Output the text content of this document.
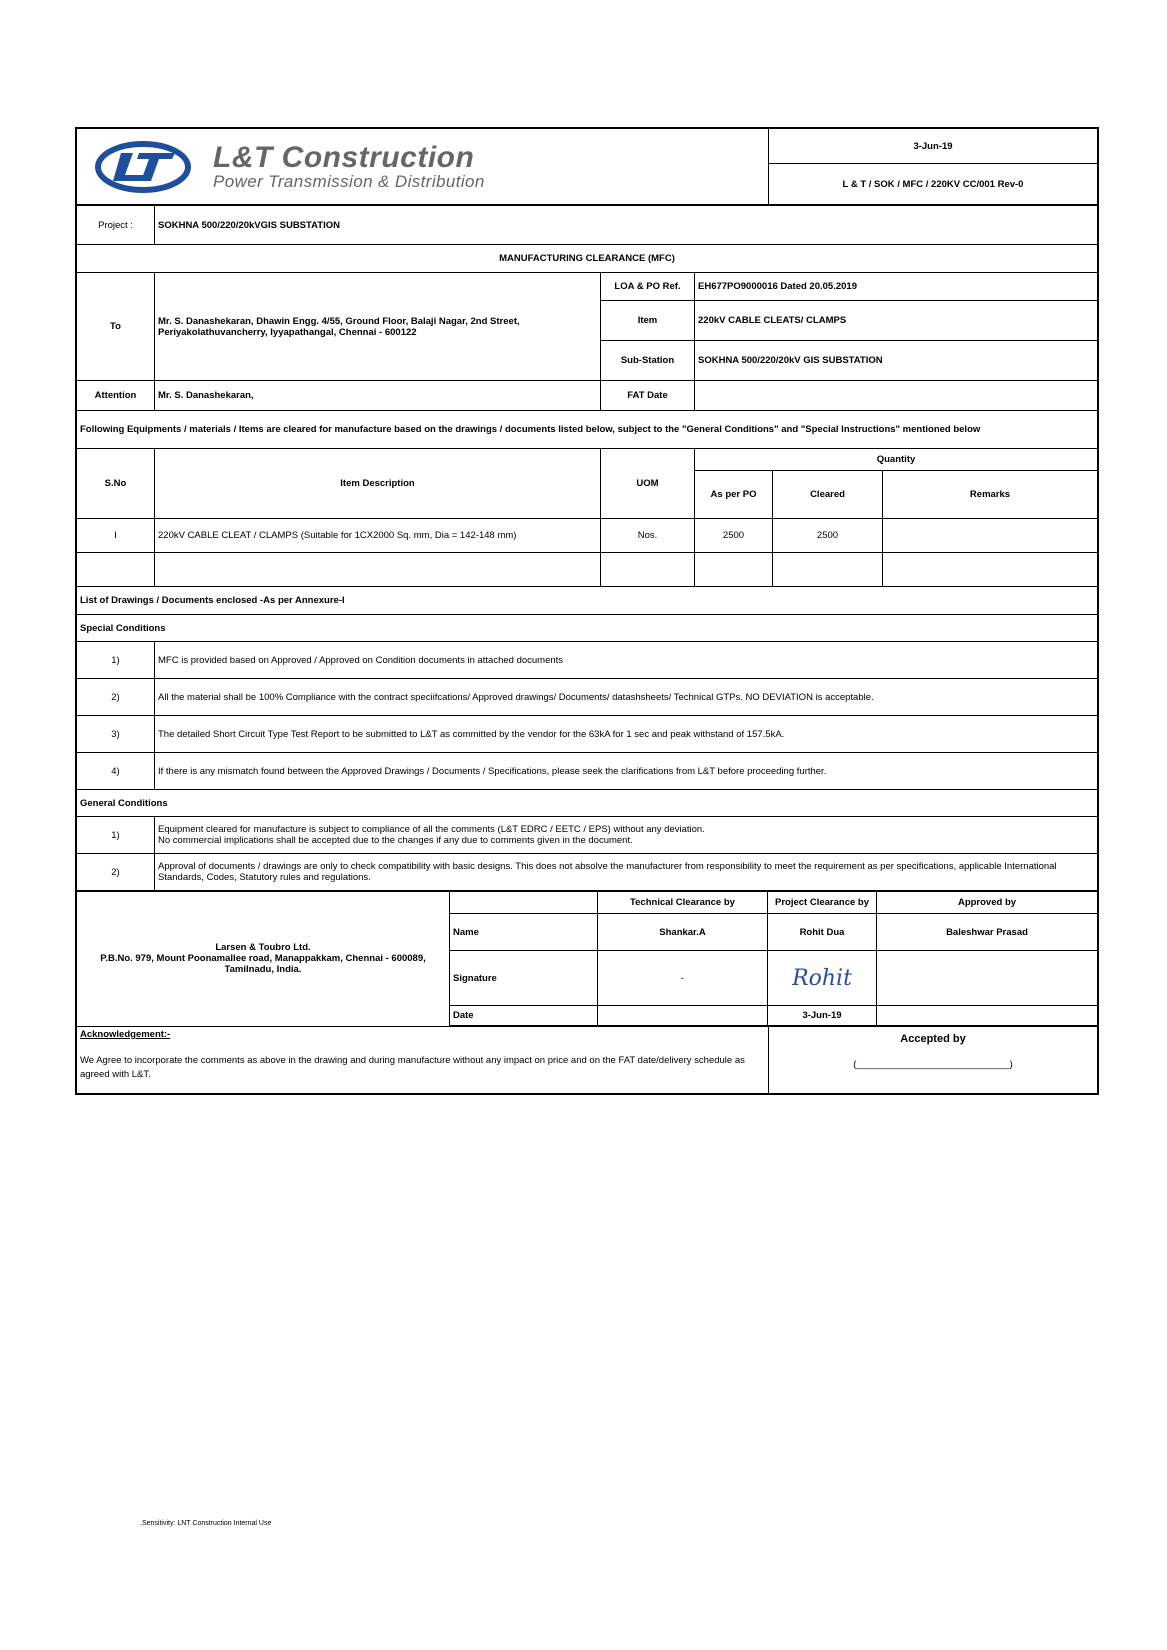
L&T Construction
Power Transmission & Distribution
	3-Jun-19
L & T / SOK / MFC / 220KV CC/001 Rev-0
Project :	SOKHNA 500/220/20kVGIS SUBSTATION				
MANUFACTURING CLEARANCE (MFC)					
To	Mr. S. Danashekaran, Dhawin Engg. 4/55, Ground Floor, Balaji Nagar, 2nd Street, Periyakolathuvancherry, Iyyapathangal, Chennai - 600122	LOA & PO Ref.	EH677PO9000016 Dated 20.05.2019		
		Item	220kV CABLE CLEATS/ CLAMPS		
		Sub-Station	SOKHNA 500/220/20kV GIS SUBSTATION		
Attention	Mr. S. Danashekaran,	FAT Date			
Following Equipments / materials / Items are cleared for manufacture based on the drawings / documents listed below, subject to the "General Conditions" and "Special Instructions" mentioned below					
S.No	Item Description	UOM	Quantity		
			As per PO	Cleared	Remarks
I	220kV CABLE CLEAT / CLAMPS (Suitable for 1CX2000 Sq. mm, Dia = 142-148 mm)	Nos.	2500	2500	

List of Drawings / Documents enclosed -As per Annexure-I					
Special Conditions					
1)	MFC is provided based on Approved / Approved on Condition documents in attached documents				
2)	All the material shall be 100% Compliance with the contract speciifcations/ Approved drawings/ Documents/ datashsheets/ Technical GTPs. NO DEVIATION is acceptable.				
3)	The detailed Short Circuit Type Test Report to be submitted to L&T as committed by the vendor for the 63kA for 1 sec and peak withstand of 157.5kA.				
4)	If there is any mismatch found between the Approved Drawings / Documents / Specifications, please seek the clarifications from L&T before proceeding further.				
General Conditions					
1)	Equipment cleared for manufacture is subject to compliance of all the comments (L&T EDRC / EETC / EPS) without any deviation.
No commercial implications shall be accepted due to the changes if any due to comments given in the document.				

2)	Approval of documents / drawings are only to check compatibility with basic designs. This does not absolve the manufacturer from responsibility to meet the requirement as per specifications, applicable International Standards, Codes, Statutory rules and regulations.				
Larsen & Toubro Ltd.
P.B.No. 979, Mount Poonamallee road, Manappakkam, Chennai - 600089,
Tamilnadu, India.		Technical Clearance by	Project Clearance by	Approved by
	Name	Shankar.A	Rohit Dua	Baleshwar Prasad
	Signature	-	Rohit	
	Date		3-Jun-19	
Acknowledgement:-
We Agree to incorporate the comments as above in the drawing and during manufacture without any impact on price and on the FAT date/delivery schedule as agreed with L&T.

Accepted by
(_____________________________)
.Sensitivity: LNT Construction Internal Use
